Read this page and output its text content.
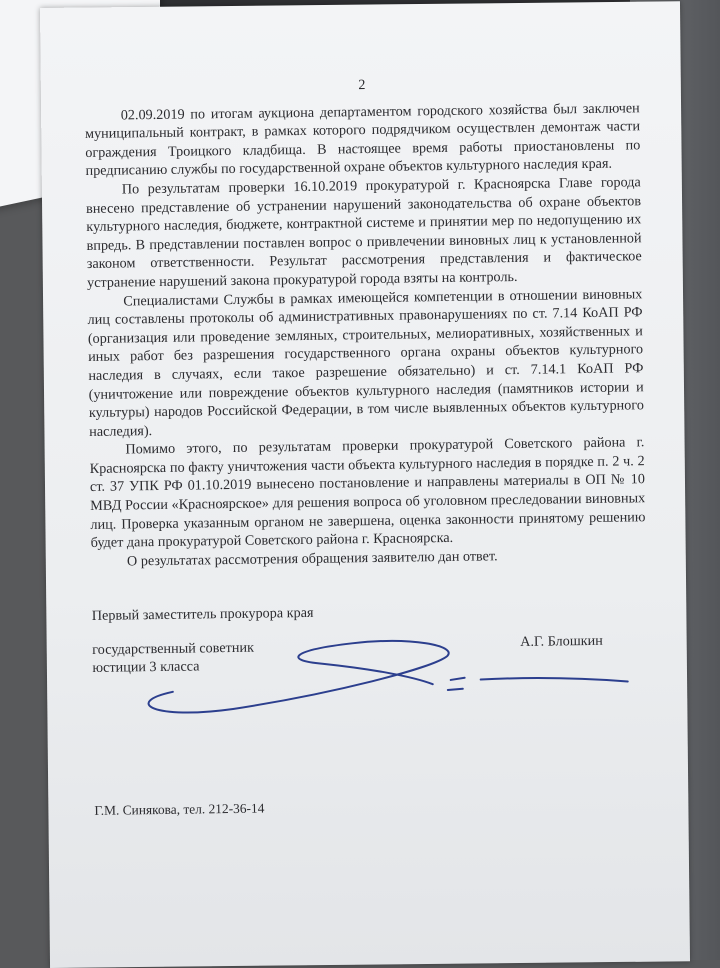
2

02.09.2019 по итогам аукциона департаментом городского хозяйства был заключен муниципальный контракт, в рамках которого подрядчиком осуществлен демонтаж части ограждения Троицкого кладбища. В настоящее время работы приостановлены по предписанию службы по государственной охране объектов культурного наследия края.

По результатам проверки 16.10.2019 прокуратурой г. Красноярска Главе города внесено представление об устранении нарушений законодательства об охране объектов культурного наследия, бюджете, контрактной системе и принятии мер по недопущению их впредь. В представлении поставлен вопрос о привлечении виновных лиц к установленной законом ответственности. Результат рассмотрения представления и фактическое устранение нарушений закона прокуратурой города взяты на контроль.

Специалистами Службы в рамках имеющейся компетенции в отношении виновных лиц составлены протоколы об административных правонарушениях по ст. 7.14 КоАП РФ (организация или проведение земляных, строительных, мелиоративных, хозяйственных и иных работ без разрешения государственного органа охраны объектов культурного наследия в случаях, если такое разрешение обязательно) и ст. 7.14.1 КоАП РФ (уничтожение или повреждение объектов культурного наследия (памятников истории и культуры) народов Российской Федерации, в том числе выявленных объектов культурного наследия).

Помимо этого, по результатам проверки прокуратурой Советского района г. Красноярска по факту уничтожения части объекта культурного наследия в порядке п. 2 ч. 2 ст. 37 УПК РФ 01.10.2019 вынесено постановление и направлены материалы в ОП № 10 МВД России «Красноярское» для решения вопроса об уголовном преследовании виновных лиц. Проверка указанным органом не завершена, оценка законности принятому решению будет дана прокуратурой Советского района г. Красноярска.

О результатах рассмотрения обращения заявителю дан ответ.

Первый заместитель прокурора края
государственный советник
юстиции 3 класса
А.Г. Блошкин
Г.М. Синякова, тел. 212-36-14
